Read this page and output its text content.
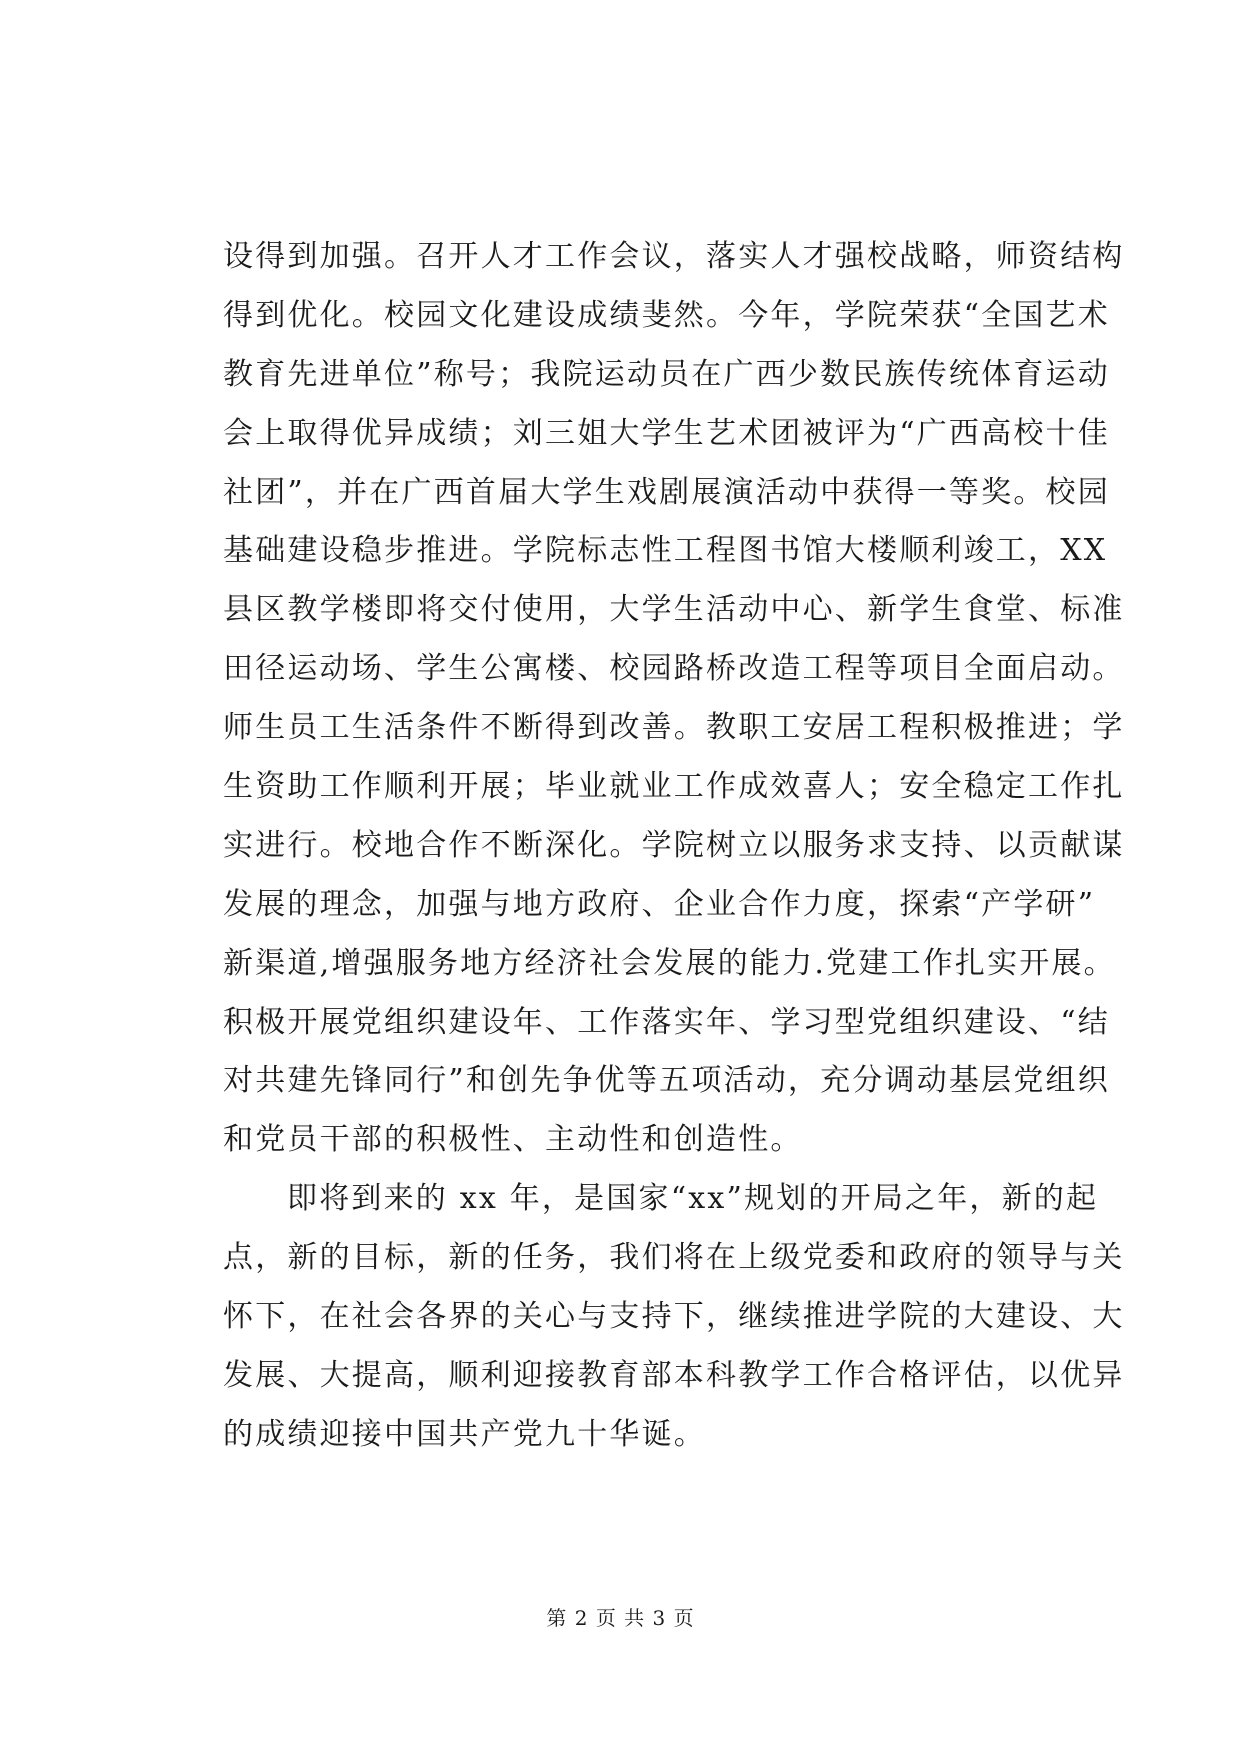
设得到加强。召开人才工作会议，落实人才强校战略，师资结构
得到优化。校园文化建设成绩斐然。今年，学院荣获“全国艺术
教育先进单位”称号；我院运动员在广西少数民族传统体育运动
会上取得优异成绩；刘三姐大学生艺术团被评为“广西高校十佳
社团”，并在广西首届大学生戏剧展演活动中获得一等奖。校园
基础建设稳步推进。学院标志性工程图书馆大楼顺利竣工，XX
县区教学楼即将交付使用，大学生活动中心、新学生食堂、标准
田径运动场、学生公寓楼、校园路桥改造工程等项目全面启动。
师生员工生活条件不断得到改善。教职工安居工程积极推进；学
生资助工作顺利开展；毕业就业工作成效喜人；安全稳定工作扎
实进行。校地合作不断深化。学院树立以服务求支持、以贡献谋
发展的理念，加强与地方政府、企业合作力度，探索“产学研”
新渠道,增强服务地方经济社会发展的能力.党建工作扎实开展。
积极开展党组织建设年、工作落实年、学习型党组织建设、“结
对共建先锋同行”和创先争优等五项活动，充分调动基层党组织
和党员干部的积极性、主动性和创造性。
即将到来的 xx 年，是国家“xx”规划的开局之年，新的起
点，新的目标，新的任务，我们将在上级党委和政府的领导与关
怀下，在社会各界的关心与支持下，继续推进学院的大建设、大
发展、大提高，顺利迎接教育部本科教学工作合格评估，以优异
的成绩迎接中国共产党九十华诞。
第 2 页 共 3 页
